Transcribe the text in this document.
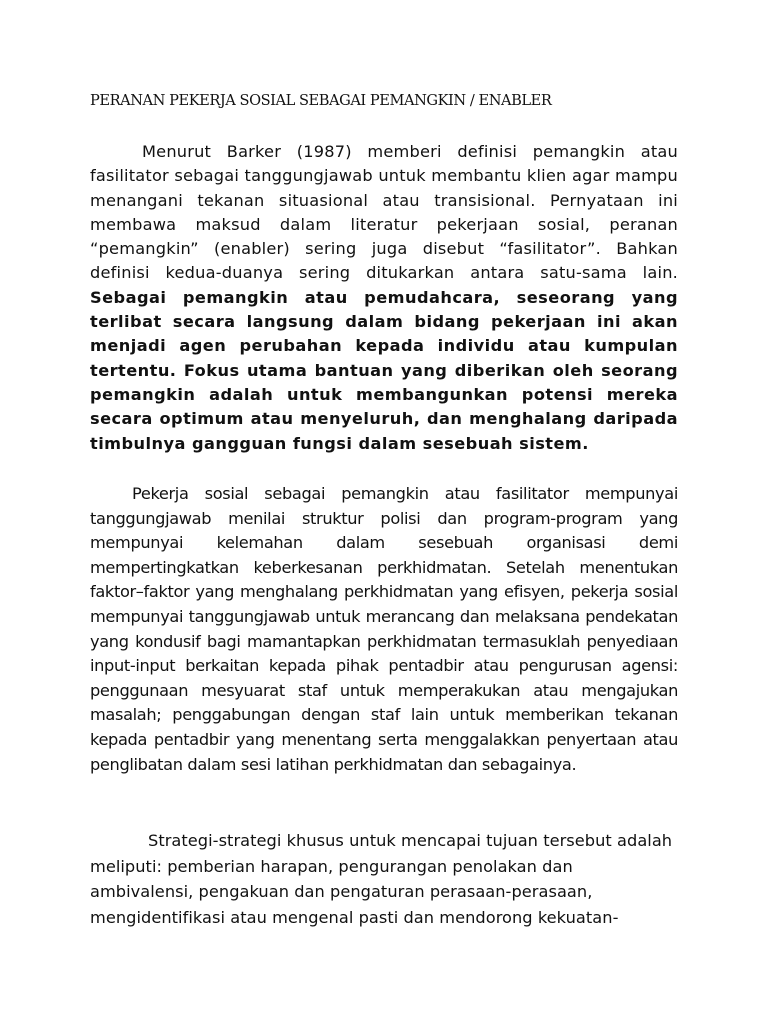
PERANAN PEKERJA SOSIAL SEBAGAI PEMANGKIN / ENABLER

Menurut Barker (1987) memberi definisi pemangkin atau fasilitator sebagai tanggungjawab untuk membantu klien agar mampu menangani tekanan situasional atau transisional. Pernyataan ini membawa maksud dalam literatur pekerjaan sosial, peranan “pemangkin” (enabler) sering juga disebut “fasilitator”. Bahkan definisi kedua-duanya sering ditukarkan antara satu-sama lain. Sebagai pemangkin atau pemudahcara, seseorang yang terlibat secara langsung dalam bidang pekerjaan ini akan menjadi agen perubahan kepada individu atau kumpulan tertentu. Fokus utama bantuan yang diberikan oleh seorang pemangkin adalah untuk membangunkan potensi mereka secara optimum atau menyeluruh, dan menghalang daripada timbulnya gangguan fungsi dalam sesebuah sistem.

Pekerja sosial sebagai pemangkin atau fasilitator mempunyai tanggungjawab menilai struktur polisi dan program-program yang mempunyai kelemahan dalam sesebuah organisasi demi mempertingkatkan keberkesanan perkhidmatan. Setelah menentukan faktor–faktor yang menghalang perkhidmatan yang efisyen, pekerja sosial mempunyai tanggungjawab untuk merancang dan melaksana pendekatan yang kondusif bagi mamantapkan perkhidmatan termasuklah penyediaan input-input berkaitan kepada pihak pentadbir atau pengurusan agensi: penggunaan mesyuarat staf untuk memperakukan atau mengajukan masalah; penggabungan dengan staf lain untuk memberikan tekanan kepada pentadbir yang menentang serta menggalakkan penyertaan atau penglibatan dalam sesi latihan perkhidmatan dan sebagainya.

Strategi-strategi khusus untuk mencapai tujuan tersebut adalah meliputi: pemberian harapan, pengurangan penolakan dan ambivalensi, pengakuan dan pengaturan perasaan-perasaan, mengidentifikasi atau mengenal pasti dan mendorong kekuatan-
